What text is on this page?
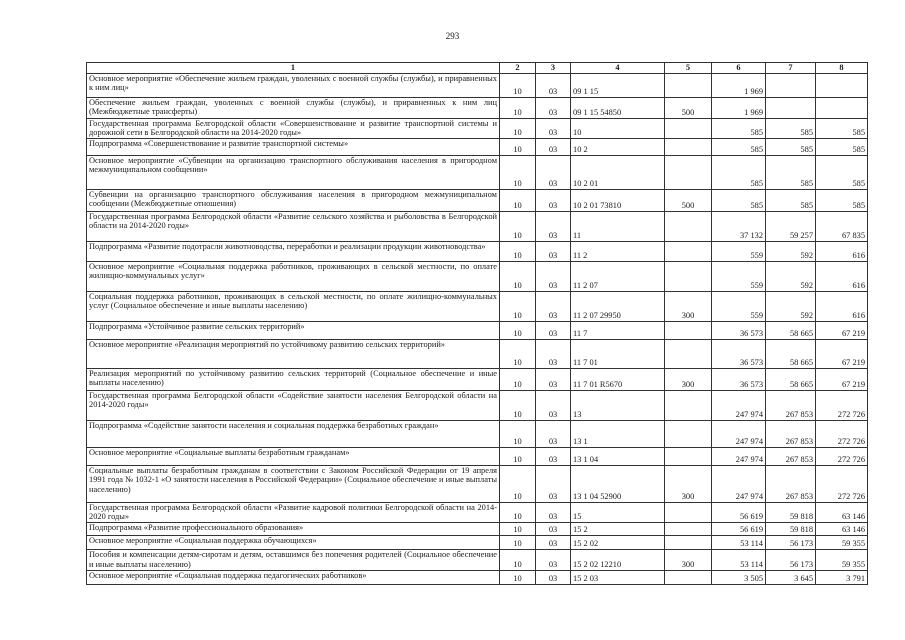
293
1	2	3	4	5	6	7	8
Основное мероприятие «Обеспечение жильем граждан, уволенных с военной службы (службы), и приравненных к ним лиц»	10	03	09 1 15		1 969		
Обеспечение жильем граждан, уволенных с военной службы (службы), и приравненных к ним лиц (Межбюджетные трансферты)	10	03	09 1 15 54850	500	1 969		
Государственная программа Белгородской области «Совершенствование и развитие транспортной системы и дорожной сети в Белгородской области на 2014-2020 годы»	10	03	10		585	585	585
Подпрограмма «Совершенствование и развитие транспортной системы»	10	03	10 2		585	585	585
Основное мероприятие «Субвенции на организацию транспортного обслуживания населения в пригородном межмуниципальном сообщении»	10	03	10 2 01		585	585	585
Субвенции на организацию транспортного обслуживания населения в пригородном межмуниципальном сообщении (Межбюджетные отношения)	10	03	10 2 01 73810	500	585	585	585
Государственная программа Белгородской области «Развитие сельского хозяйства и рыболовства в Белгородской области на 2014-2020 годы»	10	03	11		37 132	59 257	67 835
Подпрограмма «Развитие подотрасли животноводства, переработки и реализации продукции животноводства»	10	03	11 2		559	592	616
Основное мероприятие «Социальная поддержка работников, проживающих в сельской местности, по оплате жилищно-коммунальных услуг»	10	03	11 2 07		559	592	616
Социальная поддержка работников, проживающих в сельской местности, по оплате жилищно-коммунальных услуг (Социальное обеспечение и иные выплаты населению)	10	03	11 2 07 29950	300	559	592	616
Подпрограмма «Устойчивое развитие сельских территорий»	10	03	11 7		36 573	58 665	67 219
Основное мероприятие «Реализация мероприятий по устойчивому развитию сельских территорий»	10	03	11 7 01		36 573	58 665	67 219
Реализация мероприятий по устойчивому развитию сельских территорий (Социальное обеспечение и иные выплаты населению)	10	03	11 7 01 R5670	300	36 573	58 665	67 219
Государственная программа Белгородской области «Содействие занятости населения Белгородской области на 2014-2020 годы»	10	03	13		247 974	267 853	272 726
Подпрограмма «Содействие занятости населения и социальная поддержка безработных граждан»	10	03	13 1		247 974	267 853	272 726
Основное мероприятие «Социальные выплаты безработным гражданам»	10	03	13 1 04		247 974	267 853	272 726
Социальные выплаты безработным гражданам в соответствии с Законом Российской Федерации от 19 апреля 1991 года № 1032-1 «О занятости населения в Российской Федерации» (Социальное обеспечение и иные выплаты населению)	10	03	13 1 04 52900	300	247 974	267 853	272 726
Государственная программа Белгородской области «Развитие кадровой политики Белгородской области на 2014-2020 годы»	10	03	15		56 619	59 818	63 146
Подпрограмма «Развитие профессионального образования»	10	03	15 2		56 619	59 818	63 146
Основное мероприятие «Социальная поддержка обучающихся»	10	03	15 2 02		53 114	56 173	59 355
Пособия и компенсации детям-сиротам и детям, оставшимся без попечения родителей (Социальное обеспечение и иные выплаты населению)	10	03	15 2 02 12210	300	53 114	56 173	59 355
Основное мероприятие «Социальная поддержка педагогических работников»	10	03	15 2 03		3 505	3 645	3 791
